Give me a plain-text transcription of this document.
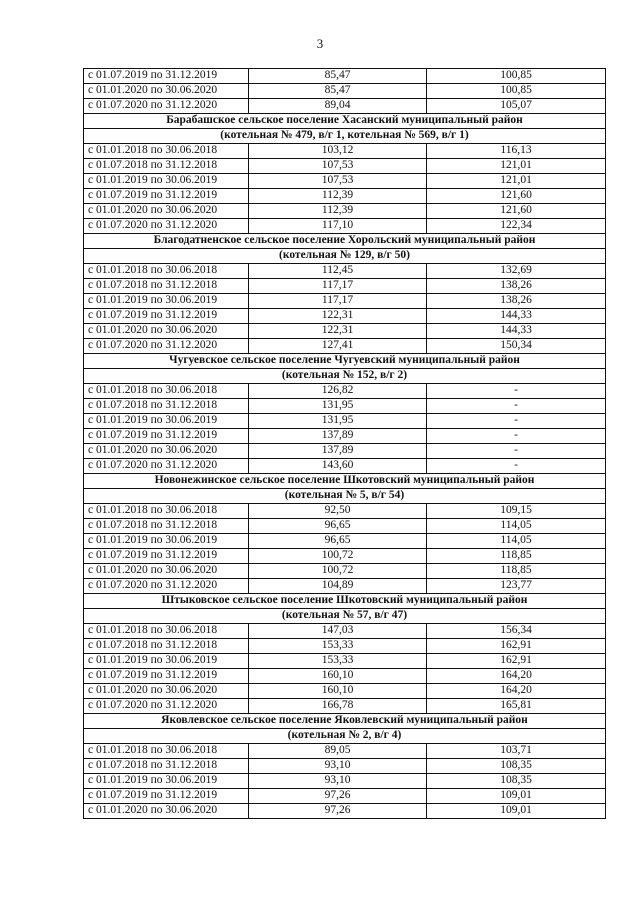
3
с 01.07.2019 по 31.12.2019	85,47	100,85
с 01.01.2020 по 30.06.2020	85,47	100,85
с 01.07.2020 по 31.12.2020	89,04	105,07
Барабашское сельское поселение Хасанский муниципальный район		
(котельная № 479, в/г 1, котельная № 569, в/г 1)		
с 01.01.2018 по 30.06.2018	103,12	116,13
с 01.07.2018 по 31.12.2018	107,53	121,01
с 01.01.2019 по 30.06.2019	107,53	121,01
с 01.07.2019 по 31.12.2019	112,39	121,60
с 01.01.2020 по 30.06.2020	112,39	121,60
с 01.07.2020 по 31.12.2020	117,10	122,34
Благодатненское сельское поселение Хорольский муниципальный район		
(котельная № 129, в/г 50)		
с 01.01.2018 по 30.06.2018	112,45	132,69
с 01.07.2018 по 31.12.2018	117,17	138,26
с 01.01.2019 по 30.06.2019	117,17	138,26
с 01.07.2019 по 31.12.2019	122,31	144,33
с 01.01.2020 по 30.06.2020	122,31	144,33
с 01.07.2020 по 31.12.2020	127,41	150,34
Чугуевское сельское поселение Чугуевский муниципальный район		
(котельная № 152, в/г 2)		
с 01.01.2018 по 30.06.2018	126,82	-
с 01.07.2018 по 31.12.2018	131,95	-
с 01.01.2019 по 30.06.2019	131,95	-
с 01.07.2019 по 31.12.2019	137,89	-
с 01.01.2020 по 30.06.2020	137,89	-
с 01.07.2020 по 31.12.2020	143,60	-
Новонежинское сельское поселение Шкотовский муниципальный район		
(котельная № 5, в/г 54)		
с 01.01.2018 по 30.06.2018	92,50	109,15
с 01.07.2018 по 31.12.2018	96,65	114,05
с 01.01.2019 по 30.06.2019	96,65	114,05
с 01.07.2019 по 31.12.2019	100,72	118,85
с 01.01.2020 по 30.06.2020	100,72	118,85
с 01.07.2020 по 31.12.2020	104,89	123,77
Штыковское сельское поселение Шкотовский муниципальный район		
(котельная № 57, в/г 47)		
с 01.01.2018 по 30.06.2018	147,03	156,34
с 01.07.2018 по 31.12.2018	153,33	162,91
с 01.01.2019 по 30.06.2019	153,33	162,91
с 01.07.2019 по 31.12.2019	160,10	164,20
с 01.01.2020 по 30.06.2020	160,10	164,20
с 01.07.2020 по 31.12.2020	166,78	165,81
Яковлевское сельское поселение Яковлевский муниципальный район		
(котельная № 2, в/г 4)		
с 01.01.2018 по 30.06.2018	89,05	103,71
с 01.07.2018 по 31.12.2018	93,10	108,35
с 01.01.2019 по 30.06.2019	93,10	108,35
с 01.07.2019 по 31.12.2019	97,26	109,01
с 01.01.2020 по 30.06.2020	97,26	109,01
